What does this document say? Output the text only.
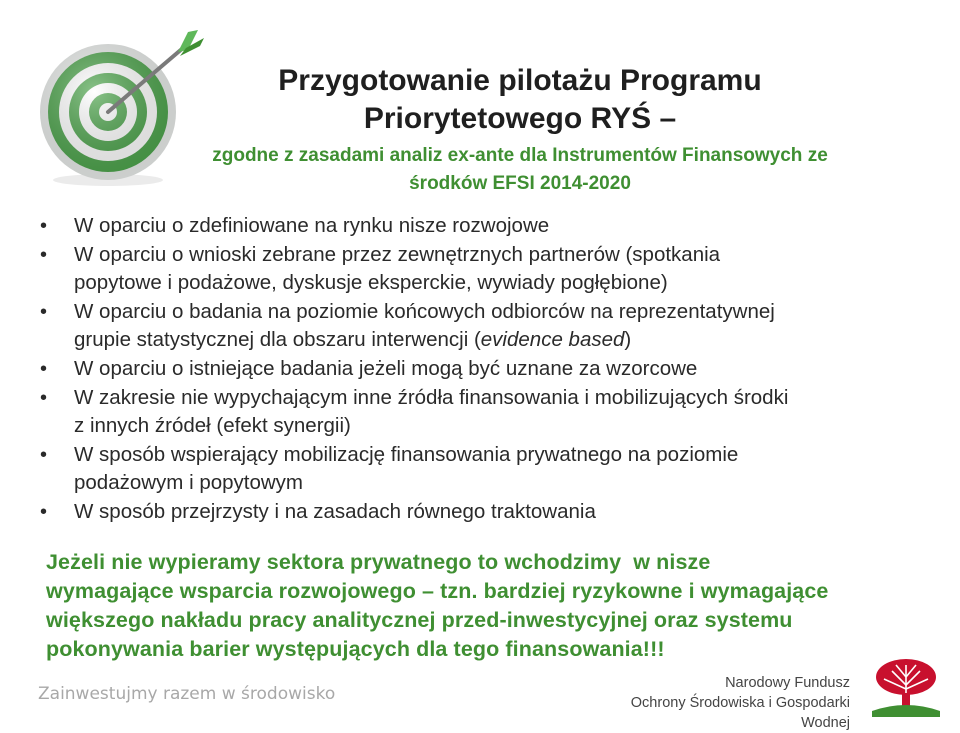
Przygotowanie pilotażu Programu
Priorytetowego RYŚ –
zgodne z zasadami analiz ex-ante dla Instrumentów Finansowych ze
środków EFSI 2014-2020
• W oparciu o zdefiniowane na rynku nisze rozwojowe
• W oparciu o wnioski zebrane przez zewnętrznych partnerów (spotkania
popytowe i podażowe, dyskusje eksperckie, wywiady pogłębione)
• W oparciu o badania na poziomie końcowych odbiorców na reprezentatywnej
grupie statystycznej dla obszaru interwencji (evidence based)
• W oparciu o istniejące badania jeżeli mogą być uznane za wzorcowe
• W zakresie nie wypychającym inne źródła finansowania i mobilizujących środki
z innych źródeł (efekt synergii)
• W sposób wspierający mobilizację finansowania prywatnego na poziomie
podażowym i popytowym
• W sposób przejrzysty i na zasadach równego traktowania
Jeżeli nie wypieramy sektora prywatnego to wchodzimy  w nisze
wymagające wsparcia rozwojowego – tzn. bardziej ryzykowne i wymagające
większego nakładu pracy analitycznej przed-inwestycyjnej oraz systemu
pokonywania barier występujących dla tego finansowania!!!
Zainwestujmy razem w środowisko
Narodowy Fundusz
Ochrony Środowiska i Gospodarki Wodnej
